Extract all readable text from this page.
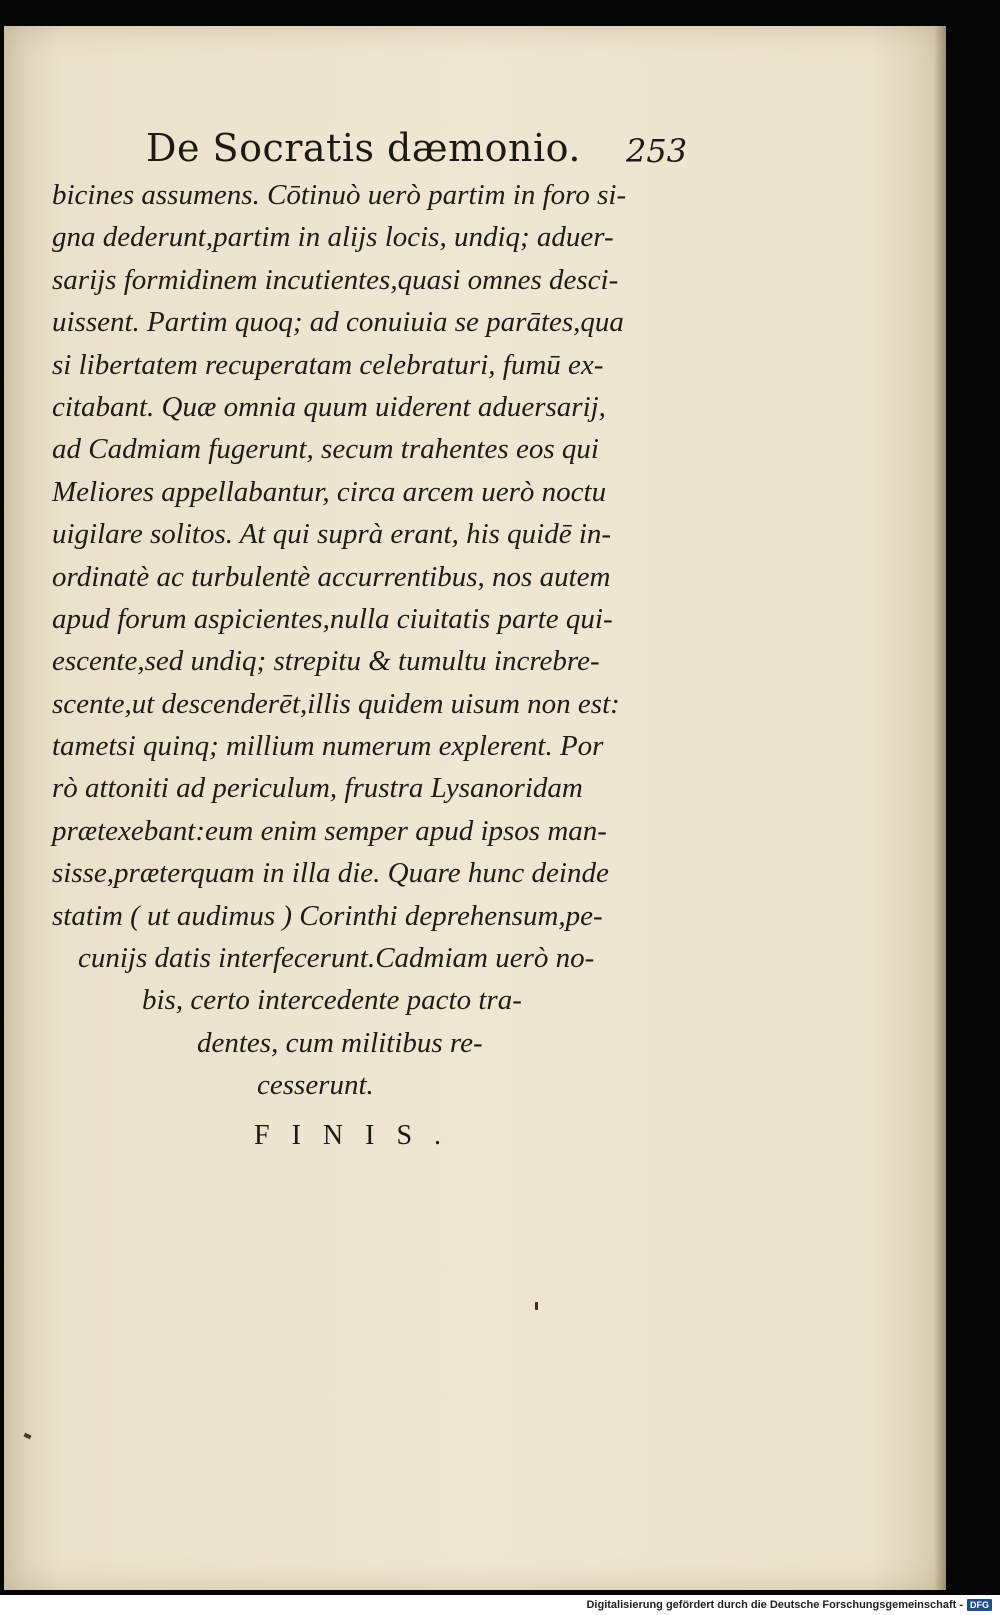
De Socratis dæmonio. 253
bicines assumens. Cōtinuò uerò partim in foro si-
gna dederunt,partim in alijs locis, undiq; aduer-
sarijs formidinem incutientes,quasi omnes desci-
uissent. Partim quoq; ad conuiuia se parātes,qua
si libertatem recuperatam celebraturi, fumū ex-
citabant. Quæ omnia quum uiderent aduersarij,
ad Cadmiam fugerunt, secum trahentes eos qui
Meliores appellabantur, circa arcem uerò noctu
uigilare solitos. At qui suprà erant, his quidē in-
ordinatè ac turbulentè accurrentibus, nos autem
apud forum aspicientes,nulla ciuitatis parte qui-
escente,sed undiq; strepitu & tumultu increbre-
scente,ut descenderēt,illis quidem uisum non est:
tametsi quinq; millium numerum explerent. Por
rò attoniti ad periculum, frustra Lysanoridam
prætexebant:eum enim semper apud ipsos man-
sisse,præterquam in illa die. Quare hunc deinde
statim ( ut audimus ) Corinthi deprehensum,pe-
cunijs datis interfecerunt.Cadmiam uerò no-
bis, certo intercedente pacto tra-
dentes, cum militibus re-
cesserunt.
FINIS.
Digitalisierung gefördert durch die Deutsche Forschungsgemeinschaft - DFG
